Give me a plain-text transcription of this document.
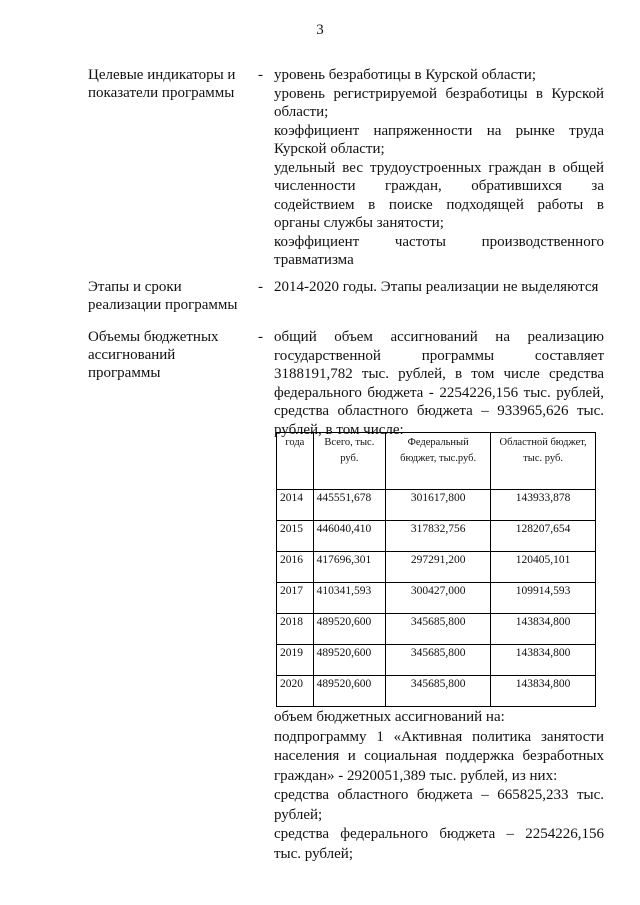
3
Целевые индикаторы и показатели программы
- уровень безработицы в Курской области;

уровень регистрируемой безработицы в Курской области;

коэффициент напряженности на рынке труда Курской области;

удельный вес трудоустроенных граждан в общей численности граждан, обратившихся за содействием в поиске подходящей работы в органы службы занятости;

коэффициент частоты производственного травматизма

Этапы и сроки реализации программы
- 2014-2020 годы. Этапы реализации не выделяются

Объемы бюджетных ассигнований программы
- общий объем ассигнований на реализацию государственной программы составляет 3188191,782 тыс. рублей, в том числе средства федерального бюджета - 2254226,156 тыс. рублей, средства областного бюджета – 933965,626 тыс. рублей, в том числе:

года	Всего, тыс. руб.	Федеральный бюджет, тыс.руб.	Областной бюджет, тыс. руб.
2014	445551,678	301617,800	143933,878
2015	446040,410	317832,756	128207,654
2016	417696,301	297291,200	120405,101
2017	410341,593	300427,000	109914,593
2018	489520,600	345685,800	143834,800
2019	489520,600	345685,800	143834,800
2020	489520,600	345685,800	143834,800

объем бюджетных ассигнований на:

подпрограмму 1 «Активная политика занятости населения и социальная поддержка безработных граждан» - 2920051,389 тыс. рублей, из них:

средства областного бюджета – 665825,233 тыс. рублей;

средства федерального бюджета – 2254226,156 тыс. рублей;
